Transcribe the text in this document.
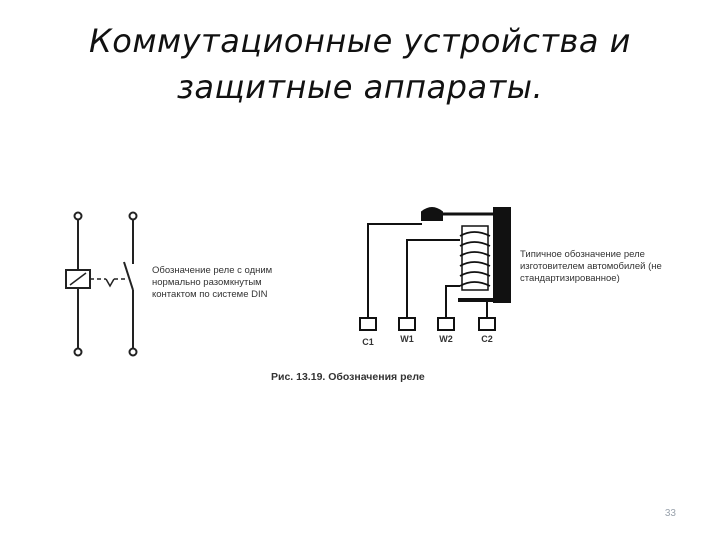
Коммутационные устройства и
защитные аппараты.
Обозначение реле с одним нормально разомкнутым контактом по системе DIN
C1	W1	W2	C2
Типичное обозначение реле изготовителем автомобилей (не стандартизированное)
Рис. 13.19. Обозначения реле
33
